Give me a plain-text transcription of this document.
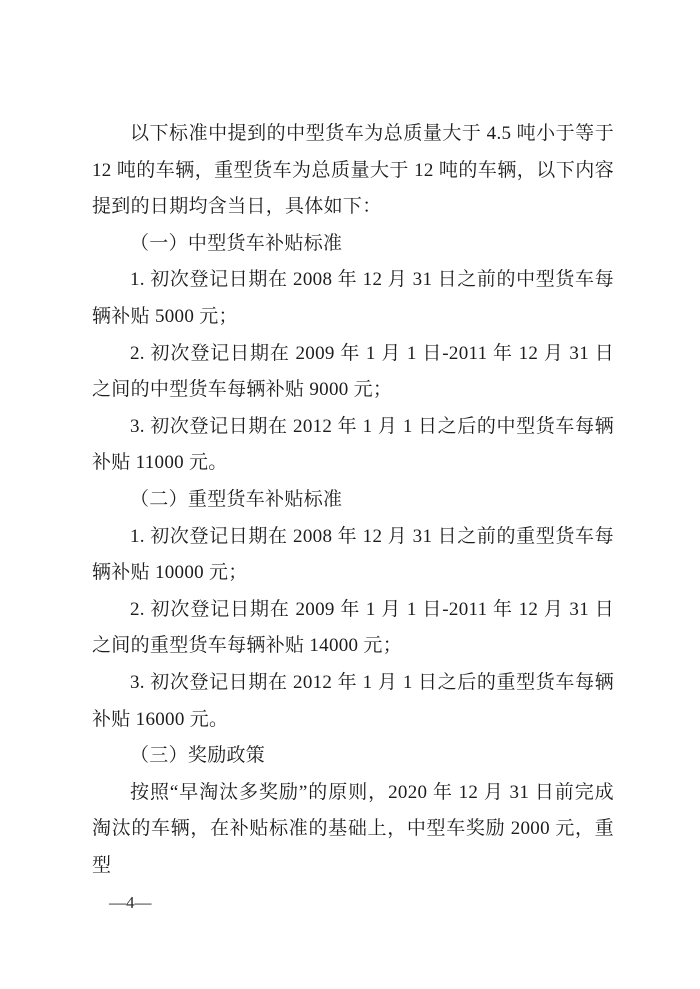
以下标准中提到的中型货车为总质量大于 4.5 吨小于等于 12 吨的车辆，重型货车为总质量大于 12 吨的车辆，以下内容提到的日期均含当日，具体如下：

（一）中型货车补贴标准

1. 初次登记日期在 2008 年 12 月 31 日之前的中型货车每辆补贴 5000 元；

2. 初次登记日期在 2009 年 1 月 1 日-2011 年 12 月 31 日之间的中型货车每辆补贴 9000 元；

3. 初次登记日期在 2012 年 1 月 1 日之后的中型货车每辆补贴 11000 元。

（二）重型货车补贴标准

1. 初次登记日期在 2008 年 12 月 31 日之前的重型货车每辆补贴 10000 元；

2. 初次登记日期在 2009 年 1 月 1 日-2011 年 12 月 31 日之间的重型货车每辆补贴 14000 元；

3. 初次登记日期在 2012 年 1 月 1 日之后的重型货车每辆补贴 16000 元。

（三）奖励政策

按照“早淘汰多奖励”的原则，2020 年 12 月 31 日前完成淘汰的车辆，在补贴标准的基础上，中型车奖励 2000 元，重型

—4—
